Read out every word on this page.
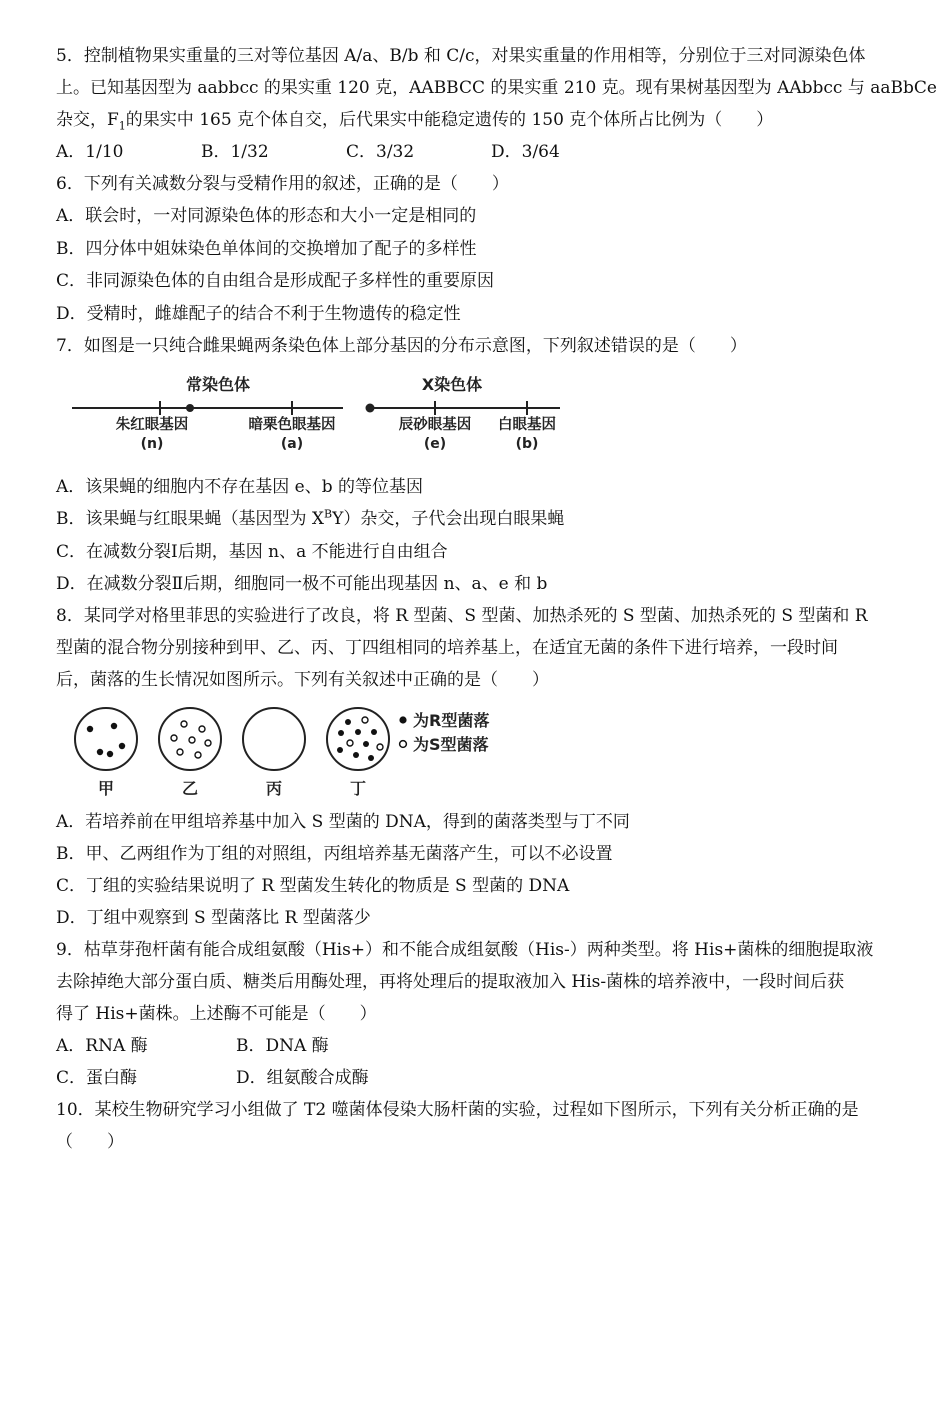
5．控制植物果实重量的三对等位基因 A/a、B/b 和 C/c，对果实重量的作用相等，分别位于三对同源染色体
上。已知基因型为 aabbcc 的果实重 120 克，AABBCC 的果实重 210 克。现有果树基因型为 AAbbcc 与 aaBbCe
杂交，$F_1$的果实中 165 克个体自交，后代果实中能稳定遗传的 150 克个体所占比例为（　　）
A．1/10	B．1/32	C．3/32	D．3/64
6．下列有关减数分裂与受精作用的叙述，正确的是（　　）
A．联会时，一对同源染色体的形态和大小一定是相同的
B．四分体中姐妹染色单体间的交换增加了配子的多样性
C．非同源染色体的自由组合是形成配子多样性的重要原因
D．受精时，雌雄配子的结合不利于生物遗传的稳定性
7．如图是一只纯合雌果蝇两条染色体上部分基因的分布示意图，下列叙述错误的是（　　）
常染色体	X染色体
朱红眼基因
(n)
暗栗色眼基因
(a)
辰砂眼基因
(e)
白眼基因
(b)
A．该果蝇的细胞内不存在基因 e、b 的等位基因
B．该果蝇与红眼果蝇（基因型为 $X^BY$）杂交，子代会出现白眼果蝇
C．在减数分裂Ⅰ后期，基因 n、a 不能进行自由组合
D．在减数分裂Ⅱ后期，细胞同一极不可能出现基因 n、a、e 和 b
8．某同学对格里菲思的实验进行了改良，将 R 型菌、S 型菌、加热杀死的 S 型菌、加热杀死的 S 型菌和 R
型菌的混合物分别接种到甲、乙、丙、丁四组相同的培养基上，在适宜无菌的条件下进行培养，一段时间
后，菌落的生长情况如图所示。下列有关叙述中正确的是（　　）
甲	乙	丙	丁
为R型菌落
为S型菌落
A．若培养前在甲组培养基中加入 S 型菌的 DNA，得到的菌落类型与丁不同
B．甲、乙两组作为丁组的对照组，丙组培养基无菌落产生，可以不必设置
C．丁组的实验结果说明了 R 型菌发生转化的物质是 S 型菌的 DNA
D．丁组中观察到 S 型菌落比 R 型菌落少
9．枯草芽孢杆菌有能合成组氨酸（His+）和不能合成组氨酸（His-）两种类型。将 His+菌株的细胞提取液
去除掉绝大部分蛋白质、糖类后用酶处理，再将处理后的提取液加入 His-菌株的培养液中，一段时间后获
得了 His+菌株。上述酶不可能是（　　）
A．RNA 酶	B．DNA 酶
C．蛋白酶	D．组氨酸合成酶
10．某校生物研究学习小组做了 T2 噬菌体侵染大肠杆菌的实验，过程如下图所示，下列有关分析正确的是
（　　）
